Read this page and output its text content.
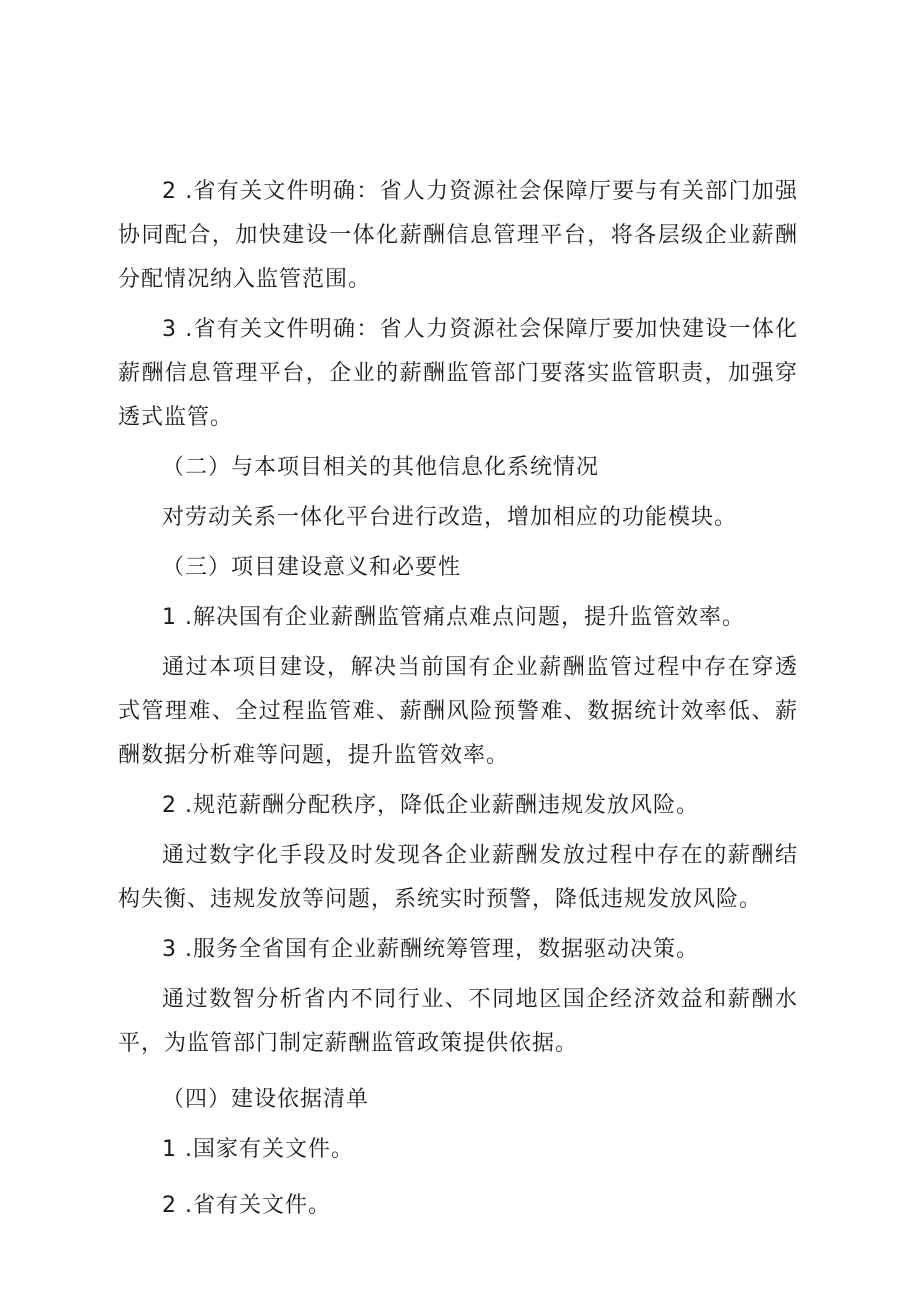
2 .省有关文件明确：省人力资源社会保障厅要与有关部门加强协同配合，加快建设一体化薪酬信息管理平台，将各层级企业薪酬分配情况纳入监管范围。

3 .省有关文件明确：省人力资源社会保障厅要加快建设一体化薪酬信息管理平台，企业的薪酬监管部门要落实监管职责，加强穿透式监管。

（二）与本项目相关的其他信息化系统情况

对劳动关系一体化平台进行改造，增加相应的功能模块。

（三）项目建设意义和必要性

1 .解决国有企业薪酬监管痛点难点问题，提升监管效率。

通过本项目建设，解决当前国有企业薪酬监管过程中存在穿透式管理难、全过程监管难、薪酬风险预警难、数据统计效率低、薪酬数据分析难等问题，提升监管效率。

2 .规范薪酬分配秩序，降低企业薪酬违规发放风险。

通过数字化手段及时发现各企业薪酬发放过程中存在的薪酬结构失衡、违规发放等问题，系统实时预警，降低违规发放风险。

3 .服务全省国有企业薪酬统筹管理，数据驱动决策。

通过数智分析省内不同行业、不同地区国企经济效益和薪酬水平，为监管部门制定薪酬监管政策提供依据。

（四）建设依据清单

1 .国家有关文件。

2 .省有关文件。
